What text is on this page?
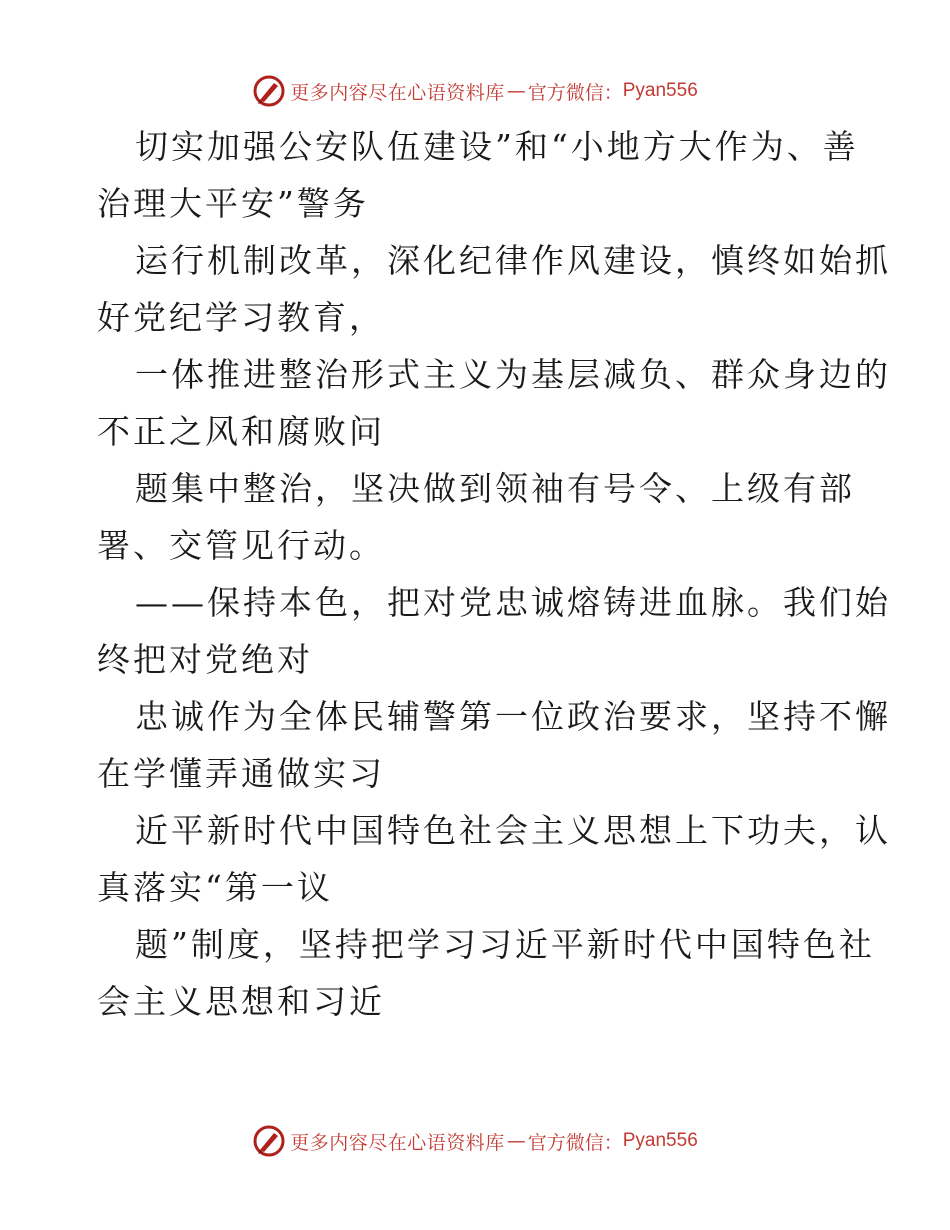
更多内容尽在心语资料库 — 官方微信： Pyan556
切实加强公安队伍建设”和“小地方大作为、善
治理大平安”警务
运行机制改革，深化纪律作风建设，慎终如始抓
好党纪学习教育，
一体推进整治形式主义为基层减负、群众身边的
不正之风和腐败问
题集中整治，坚决做到领袖有号令、上级有部
署、交管见行动。
——保持本色，把对党忠诚熔铸进血脉。我们始
终把对党绝对
忠诚作为全体民辅警第一位政治要求，坚持不懈
在学懂弄通做实习
近平新时代中国特色社会主义思想上下功夫，认
真落实“第一议
题”制度，坚持把学习习近平新时代中国特色社
会主义思想和习近
更多内容尽在心语资料库 — 官方微信： Pyan556
